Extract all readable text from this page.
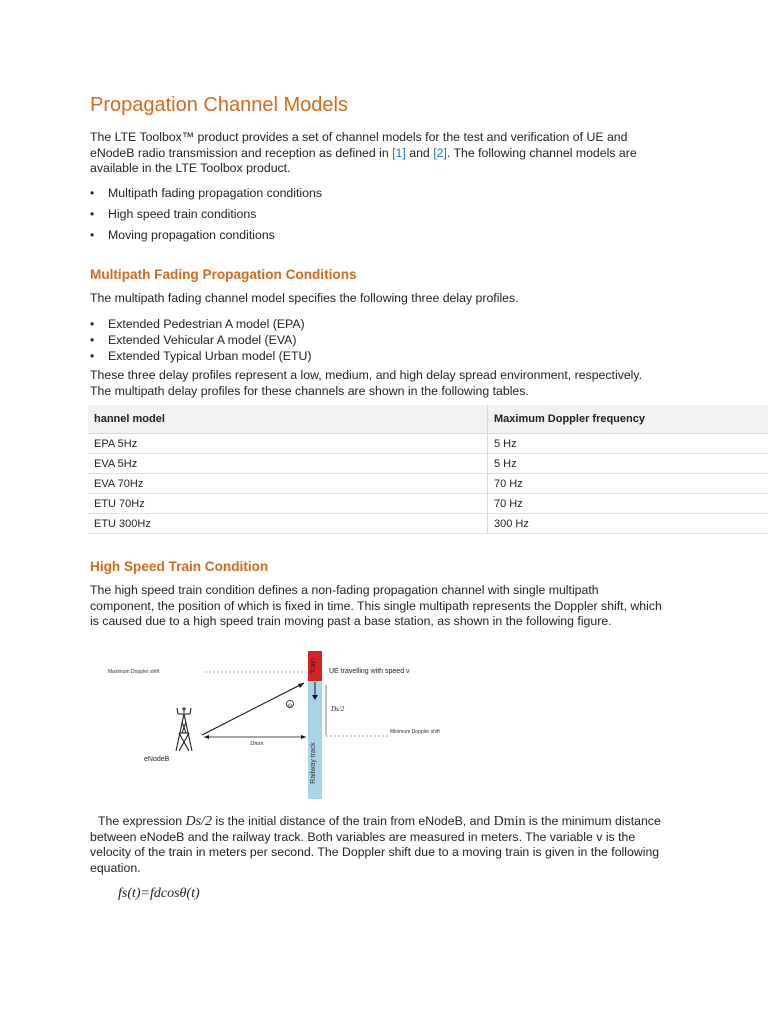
Propagation Channel Models
The LTE Toolbox™ product provides a set of channel models for the test and verification of UE and
eNodeB radio transmission and reception as defined in [1] and [2]. The following channel models are
available in the LTE Toolbox product.
• Multipath fading propagation conditions
• High speed train conditions
• Moving propagation conditions
Multipath Fading Propagation Conditions
The multipath fading channel model specifies the following three delay profiles.
• Extended Pedestrian A model (EPA)
• Extended Vehicular A model (EVA)
• Extended Typical Urban model (ETU)
These three delay profiles represent a low, medium, and high delay spread environment, respectively.
The multipath delay profiles for these channels are shown in the following tables.
hannel model	Maximum Doppler frequency
EPA 5Hz	5 Hz
EVA 5Hz	5 Hz
EVA 70Hz	70 Hz
ETU 70Hz	70 Hz
ETU 300Hz	300 Hz
High Speed Train Condition
The high speed train condition defines a non-fading propagation channel with single multipath
component, the position of which is fixed in time. This single multipath represents the Doppler shift, which
is caused due to a high speed train moving past a base station, as shown in the following figure.
Train
Railway track
Maximum Doppler shift	UE travelling with speed v
Ds/2
Minimum Doppler shift
Θ
Dmin
eNodeB
The expression Ds/2 is the initial distance of the train from eNodeB, and Dmin is the minimum distance
between eNodeB and the railway track. Both variables are measured in meters. The variable v is the
velocity of the train in meters per second. The Doppler shift due to a moving train is given in the following
equation.
fs(t)=fdcosθ(t)
